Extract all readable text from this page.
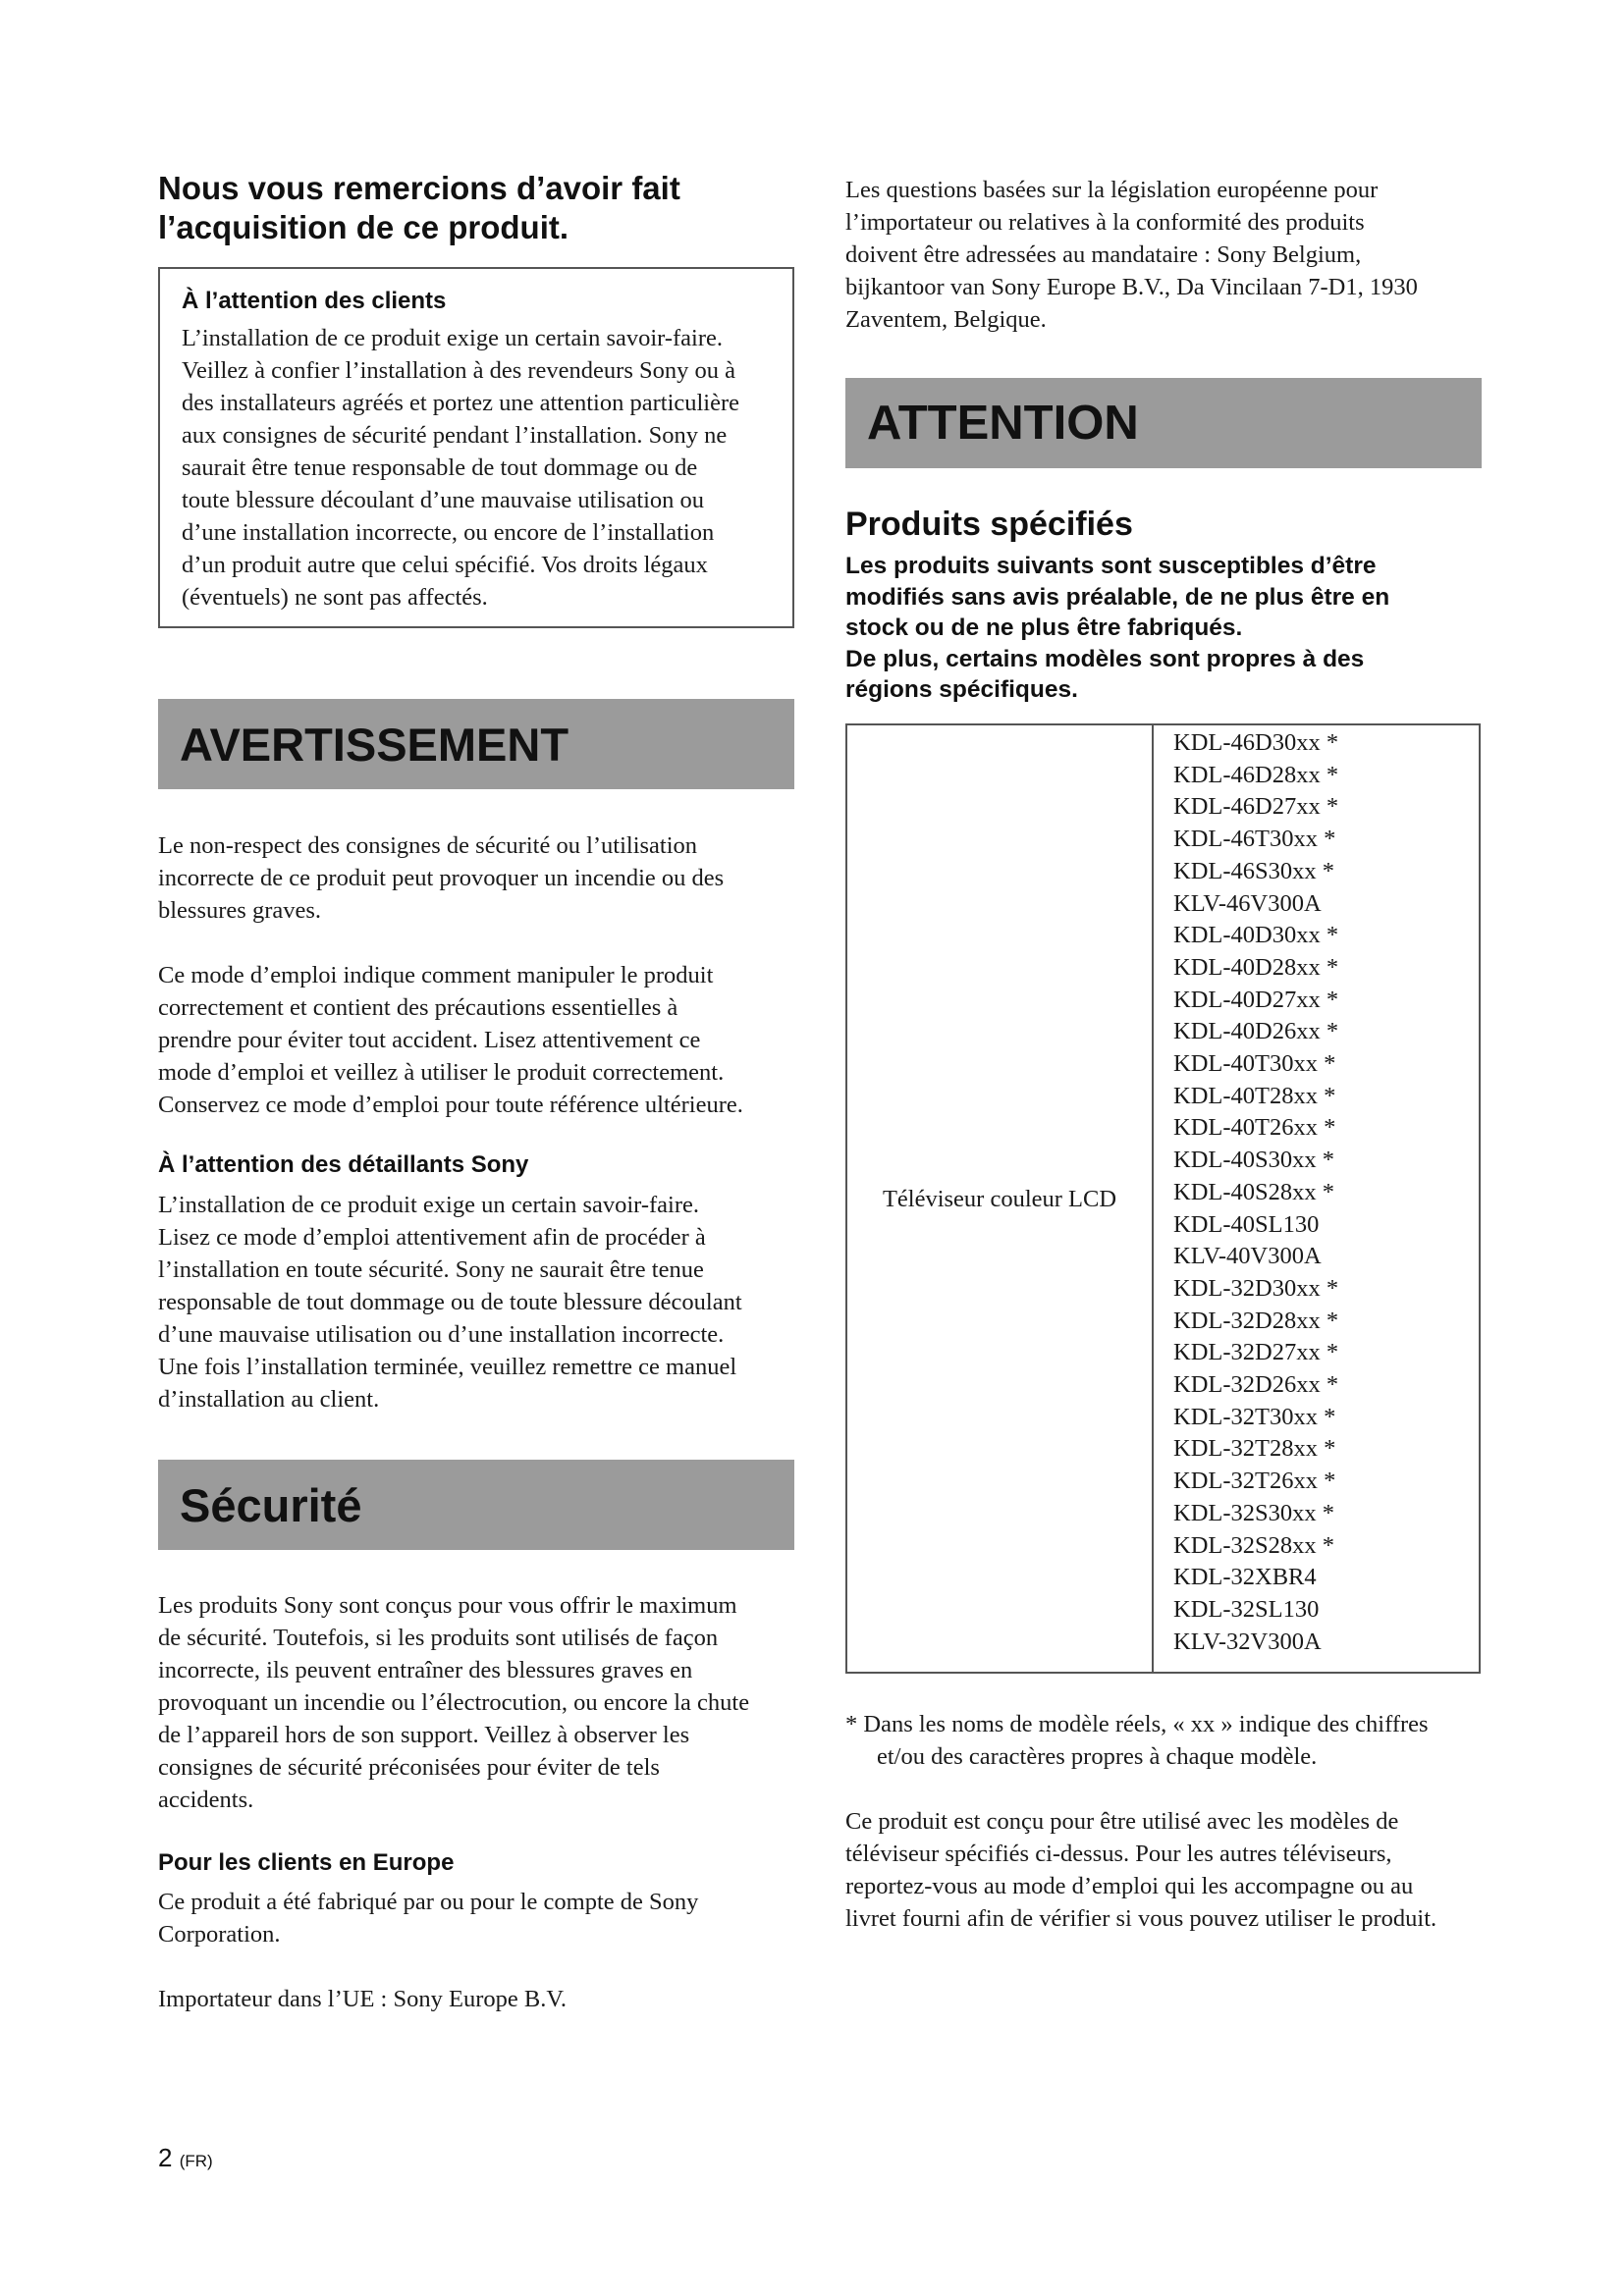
Nous vous remercions d’avoir fait
l’acquisition de ce produit.
À l’attention des clients
L’installation de ce produit exige un certain savoir-faire.
Veillez à confier l’installation à des revendeurs Sony ou à
des installateurs agréés et portez une attention particulière
aux consignes de sécurité pendant l’installation. Sony ne
saurait être tenue responsable de tout dommage ou de
toute blessure découlant d’une mauvaise utilisation ou
d’une installation incorrecte, ou encore de l’installation
d’un produit autre que celui spécifié. Vos droits légaux
(éventuels) ne sont pas affectés.
AVERTISSEMENT
Le non-respect des consignes de sécurité ou l’utilisation
incorrecte de ce produit peut provoquer un incendie ou des
blessures graves.
Ce mode d’emploi indique comment manipuler le produit
correctement et contient des précautions essentielles à
prendre pour éviter tout accident. Lisez attentivement ce
mode d’emploi et veillez à utiliser le produit correctement.
Conservez ce mode d’emploi pour toute référence ultérieure.
À l’attention des détaillants Sony
L’installation de ce produit exige un certain savoir-faire.
Lisez ce mode d’emploi attentivement afin de procéder à
l’installation en toute sécurité. Sony ne saurait être tenue
responsable de tout dommage ou de toute blessure découlant
d’une mauvaise utilisation ou d’une installation incorrecte.
Une fois l’installation terminée, veuillez remettre ce manuel
d’installation au client.
Sécurité
Les produits Sony sont conçus pour vous offrir le maximum
de sécurité. Toutefois, si les produits sont utilisés de façon
incorrecte, ils peuvent entraîner des blessures graves en
provoquant un incendie ou l’électrocution, ou encore la chute
de l’appareil hors de son support. Veillez à observer les
consignes de sécurité préconisées pour éviter de tels
accidents.
Pour les clients en Europe
Ce produit a été fabriqué par ou pour le compte de Sony
Corporation.

Importateur dans l’UE : Sony Europe B.V.

Les questions basées sur la législation européenne pour
l’importateur ou relatives à la conformité des produits
doivent être adressées au mandataire : Sony Belgium,
bijkantoor van Sony Europe B.V., Da Vincilaan 7-D1, 1930
Zaventem, Belgique.
ATTENTION
Produits spécifiés
Les produits suivants sont susceptibles d’être
modifiés sans avis préalable, de ne plus être en
stock ou de ne plus être fabriqués.
De plus, certains modèles sont propres à des
régions spécifiques.
Téléviseur couleur LCD
KDL-46D30xx *
KDL-46D28xx *
KDL-46D27xx *
KDL-46T30xx *
KDL-46S30xx *
KLV-46V300A
KDL-40D30xx *
KDL-40D28xx *
KDL-40D27xx *
KDL-40D26xx *
KDL-40T30xx *
KDL-40T28xx *
KDL-40T26xx *
KDL-40S30xx *
KDL-40S28xx *
KDL-40SL130
KLV-40V300A
KDL-32D30xx *
KDL-32D28xx *
KDL-32D27xx *
KDL-32D26xx *
KDL-32T30xx *
KDL-32T28xx *
KDL-32T26xx *
KDL-32S30xx *
KDL-32S28xx *
KDL-32XBR4
KDL-32SL130
KLV-32V300A

* Dans les noms de modèle réels, « xx » indique des chiffres

et/ou des caractères propres à chaque modèle.

Ce produit est conçu pour être utilisé avec les modèles de
téléviseur spécifiés ci-dessus. Pour les autres téléviseurs,
reportez-vous au mode d’emploi qui les accompagne ou au
livret fourni afin de vérifier si vous pouvez utiliser le produit.
2 (FR)
